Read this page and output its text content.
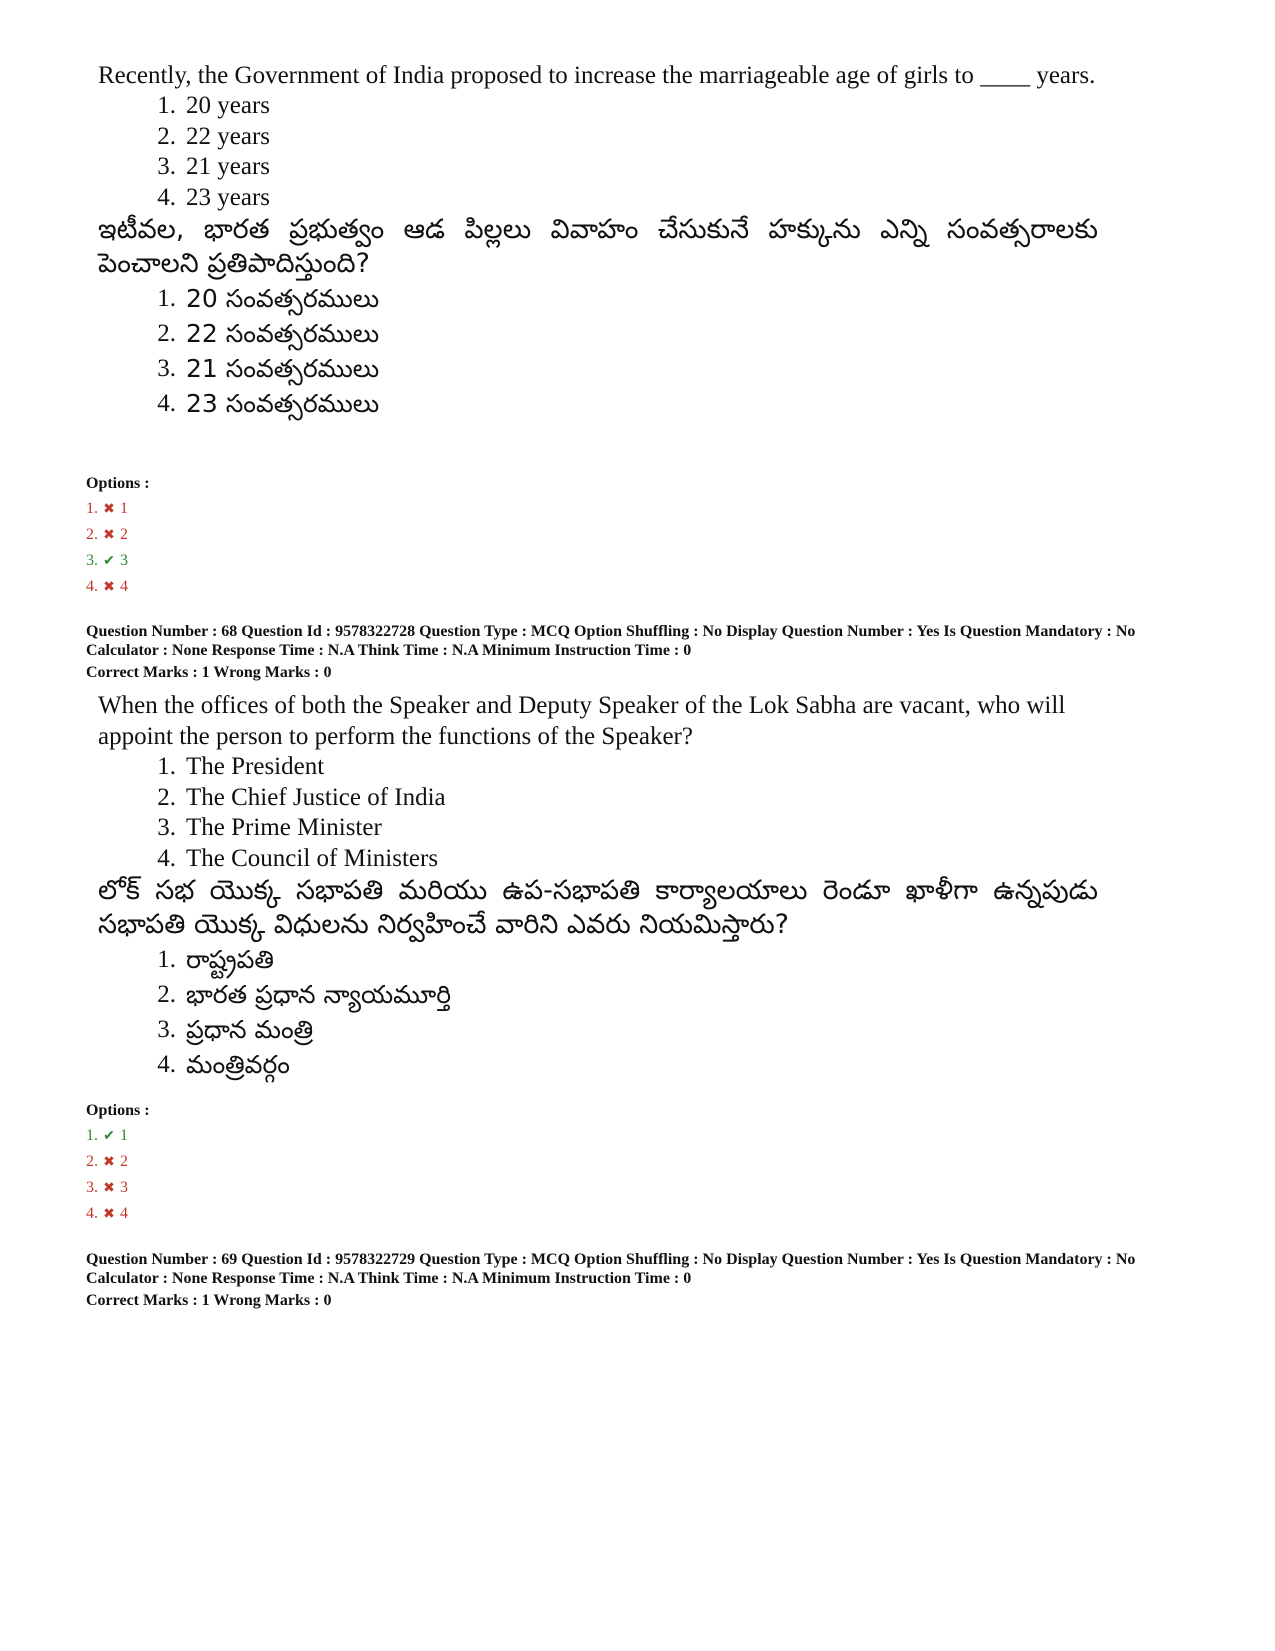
Recently, the Government of India proposed to increase the marriageable age of girls to ____ years.

1. 20 years
2. 22 years
3. 21 years
4. 23 years

ఇటీవల, భారత ప్రభుత్వం ఆడ పిల్లలు వివాహం చేసుకునే హక్కును ఎన్ని సంవత్సరాలకు పెంచాలని ప్రతిపాదిస్తుంది?

1. 20 సంవత్సరములు
2. 22 సంవత్సరములు
3. 21 సంవత్సరములు
4. 23 సంవత్సరములు
Options :
1. ✖ 1
2. ✖ 2
3. ✔ 3
4. ✖ 4
Question Number : 68 Question Id : 9578322728 Question Type : MCQ Option Shuffling : No Display Question Number : Yes Is Question Mandatory : No
Calculator : None Response Time : N.A Think Time : N.A Minimum Instruction Time : 0
Correct Marks : 1 Wrong Marks : 0

When the offices of both the Speaker and Deputy Speaker of the Lok Sabha are vacant, who will appoint the person to perform the functions of the Speaker?

1. The President
2. The Chief Justice of India
3. The Prime Minister
4. The Council of Ministers

లోక్ సభ యొక్క సభాపతి మరియు ఉప-సభాపతి కార్యాలయాలు రెండూ ఖాళీగా ఉన్నపుడు సభాపతి యొక్క విధులను నిర్వహించే వారిని ఎవరు నియమిస్తారు?

1. రాష్ట్రపతి
2. భారత ప్రధాన న్యాయమూర్తి
3. ప్రధాన మంత్రి
4. మంత్రివర్గం
Options :
1. ✔ 1
2. ✖ 2
3. ✖ 3
4. ✖ 4
Question Number : 69 Question Id : 9578322729 Question Type : MCQ Option Shuffling : No Display Question Number : Yes Is Question Mandatory : No
Calculator : None Response Time : N.A Think Time : N.A Minimum Instruction Time : 0
Correct Marks : 1 Wrong Marks : 0
